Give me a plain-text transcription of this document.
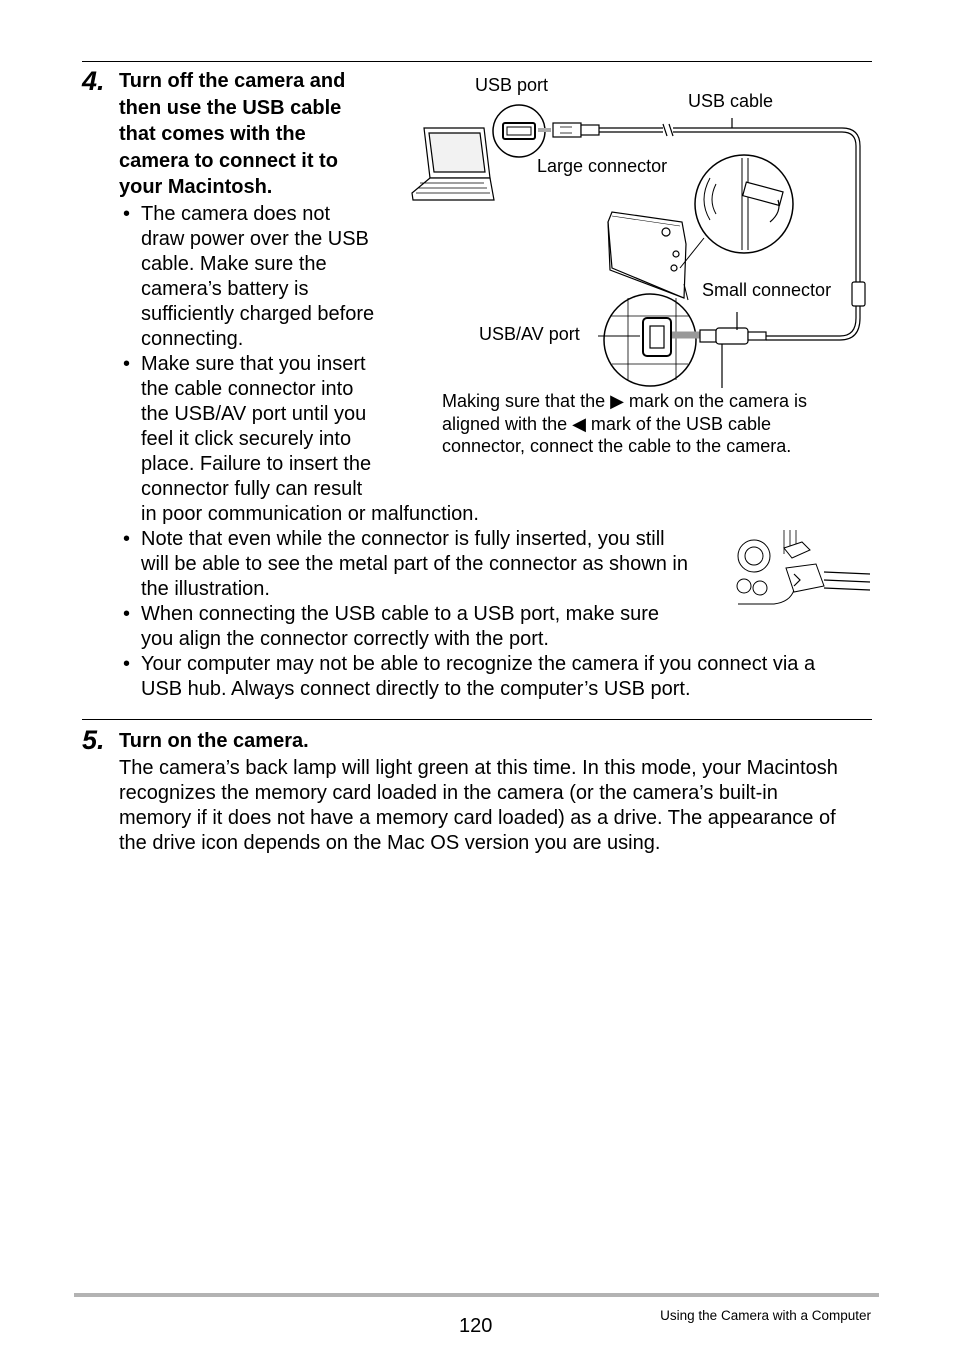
4. Turn off the camera and
then use the USB cable
that comes with the
camera to connect it to
your Macintosh.
• The camera does not
draw power over the USB
cable. Make sure the
camera’s battery is
sufficiently charged before
connecting.
• Make sure that you insert
the cable connector into
the USB/AV port until you
feel it click securely into
place. Failure to insert the
connector fully can result
in poor communication or malfunction.
• Note that even while the connector is fully inserted, you still
will be able to see the metal part of the connector as shown in
the illustration.
• When connecting the USB cable to a USB port, make sure
you align the connector correctly with the port.
• Your computer may not be able to recognize the camera if you connect via a
USB hub. Always connect directly to the computer’s USB port.
USB port
USB cable
Large connector
Small connector
USB/AV port
Making sure that the ▶ mark on the camera is
aligned with the ◀ mark of the USB cable
connector, connect the cable to the camera.
5. Turn on the camera.
The camera’s back lamp will light green at this time. In this mode, your Macintosh
recognizes the memory card loaded in the camera (or the camera’s built-in
memory if it does not have a memory card loaded) as a drive. The appearance of
the drive icon depends on the Mac OS version you are using.
120	Using the Camera with a Computer
